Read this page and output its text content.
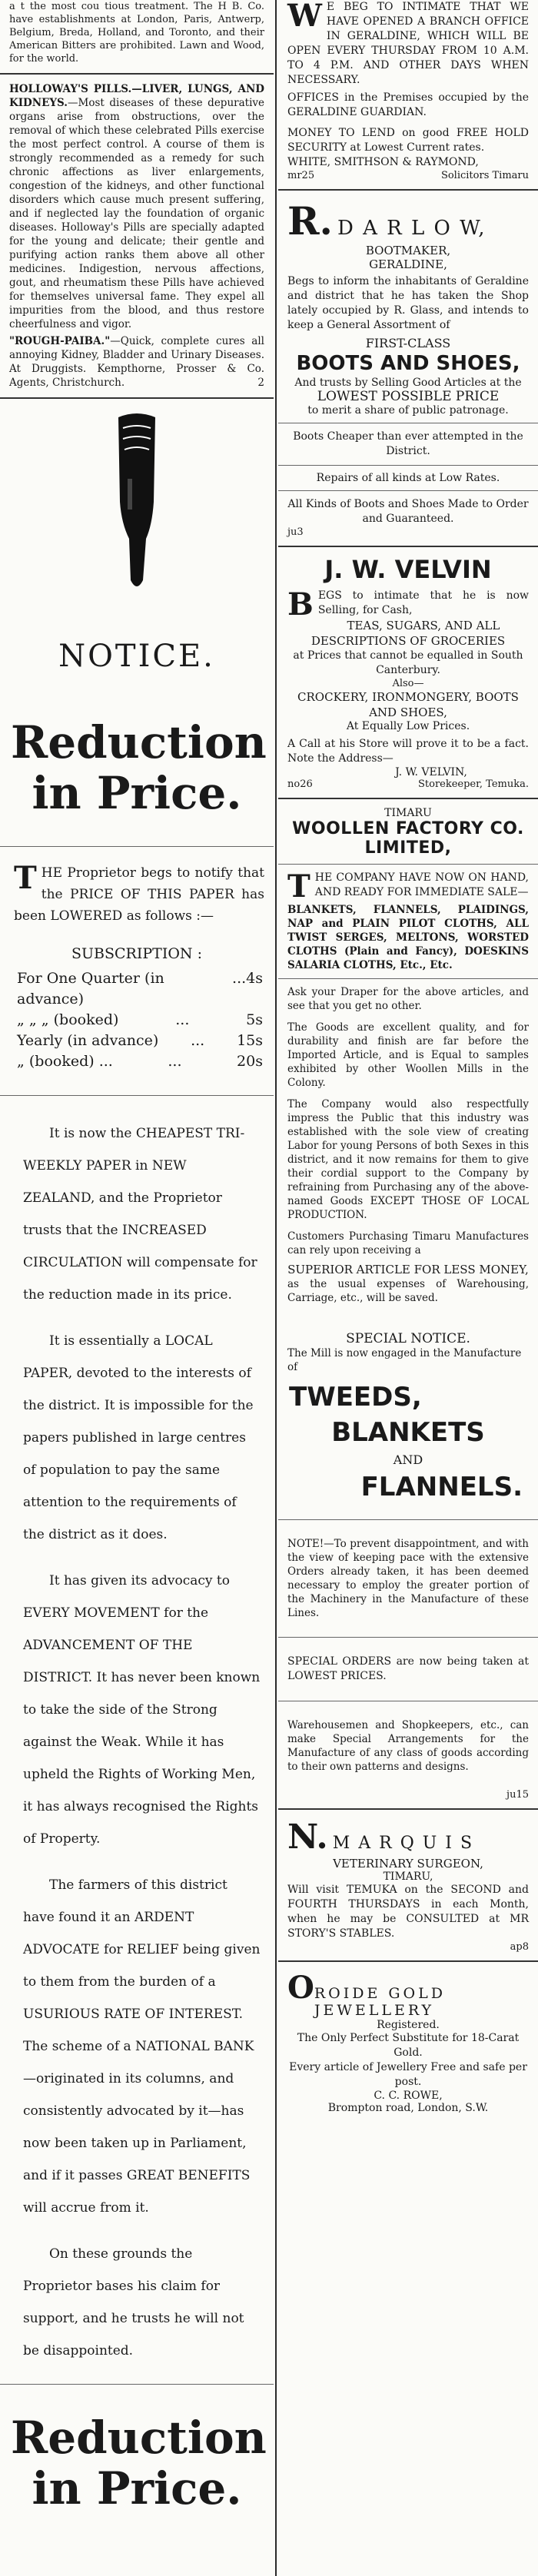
a t the most cou tious treatment. The H B. Co. have establishments at London, Paris, Antwerp, Belgium, Breda, Holland, and Toronto, and their American Bitters are prohibited. Lawn and Wood, for the world.
HOLLOWAY'S PILLS.—LIVER, LUNGS, AND KIDNEYS.—Most diseases of these depurative organs arise from obstructions, over the removal of which these celebrated Pills exercise the most perfect control. A course of them is strongly recommended as a remedy for such chronic affections as liver enlargements, congestion of the kidneys, and other functional disorders which cause much present suffering, and if neglected lay the foundation of organic diseases. Holloway's Pills are specially adapted for the young and delicate; their gentle and purifying action ranks them above all other medicines. Indigestion, nervous affections, gout, and rheumatism these Pills have achieved for themselves universal fame. They expel all impurities from the blood, and thus restore cheerfulness and vigor.
"ROUGH-PAIBA."—Quick, complete cures all annoying Kidney, Bladder and Urinary Diseases. At Druggists. Kempthorne, Prosser & Co. Agents, Christchurch.	2
NOTICE.
Reduction in Price.
THE Proprietor begs to notify that the PRICE OF THIS PAPER has been LOWERED as follows :—
SUBSCRIPTION :
For One Quarter (in advance)
... 4s
„ „ „ (booked)	...	5s
Yearly (in advance) ... 15s
„ (booked) ...	...	20s

It is now the CHEAPEST TRI-WEEKLY PAPER in NEW ZEALAND, and the Proprietor trusts that the INCREASED CIRCULATION will compensate for the reduction made in its price.

It is essentially a LOCAL PAPER, devoted to the interests of the district. It is impossible for the papers published in large centres of population to pay the same attention to the requirements of the district as it does.

It has given its advocacy to EVERY MOVEMENT for the ADVANCEMENT OF THE DISTRICT. It has never been known to take the side of the Strong against the Weak. While it has upheld the Rights of Working Men, it has always recognised the Rights of Property.

The farmers of this district have found it an ARDENT ADVOCATE for RELIEF being given to them from the burden of a USURIOUS RATE OF INTEREST. The scheme of a NATIONAL BANK—originated in its columns, and consistently advocated by it—has now been taken up in Parliament, and if it passes GREAT BENEFITS will accrue from it.

On these grounds the Proprietor bases his claim for support, and he trusts he will not be disappointed.

Reduction in Price.
W E BEG TO INTIMATE THAT WE HAVE OPENED A BRANCH OFFICE IN GERALDINE, WHICH WILL BE OPEN EVERY THURSDAY FROM 10 A.M. TO 4 P.M. AND OTHER DAYS WHEN NECESSARY.
OFFICES in the Premises occupied by the GERALDINE GUARDIAN.
MONEY TO LEND on good FREE HOLD SECURITY at Lowest Current rates.
WHITE, SMITHSON & RAYMOND,
mr25	Solicitors Timaru
R. D A R L O W,
BOOTMAKER,
GERALDINE,
Begs to inform the inhabitants of Geraldine and district that he has taken the Shop lately occupied by R. Glass, and intends to keep a General Assortment of
FIRST-CLASS
BOOTS AND SHOES,
And trusts by Selling Good Articles at the
LOWEST POSSIBLE PRICE
to merit a share of public patronage.
Boots Cheaper than ever attempted in the District.
Repairs of all kinds at Low Rates.
All Kinds of Boots and Shoes Made to Order and Guaranteed.
ju3
J. W. VELVIN
BEGS to intimate that he is now Selling, for Cash,
TEAS, SUGARS, AND ALL DESCRIPTIONS OF GROCERIES
at Prices that cannot be equalled in South Canterbury.
Also—
CROCKERY, IRONMONGERY, BOOTS AND SHOES,
At Equally Low Prices.
A Call at his Store will prove it to be a fact. Note the Address—
J. W. VELVIN,
no26	Storekeeper, Temuka.
TIMARU
WOOLLEN FACTORY CO. LIMITED,
THE COMPANY HAVE NOW ON HAND, AND READY FOR IMMEDIATE SALE—
BLANKETS, FLANNELS, PLAIDINGS, NAP and PLAIN PILOT CLOTHS, ALL TWIST SERGES, MELTONS, WORSTED CLOTHS (Plain and Fancy), DOESKINS SALARIA CLOTHS, Etc., Etc.
Ask your Draper for the above articles, and see that you get no other.
The Goods are excellent quality, and for durability and finish are far before the Imported Article, and is Equal to samples exhibited by other Woollen Mills in the Colony.
The Company would also respectfully impress the Public that this industry was established with the sole view of creating Labor for young Persons of both Sexes in this district, and it now remains for them to give their cordial support to the Company by refraining from Purchasing any of the above-named Goods EXCEPT THOSE OF LOCAL PRODUCTION.
Customers Purchasing Timaru Manufactures can rely upon receiving a
SUPERIOR ARTICLE FOR LESS MONEY,
as the usual expenses of Warehousing, Carriage, etc., will be saved.
SPECIAL NOTICE.
The Mill is now engaged in the Manufacture of
TWEEDS,
BLANKETS
AND
FLANNELS.
NOTE!—To prevent disappointment, and with the view of keeping pace with the extensive Orders already taken, it has been deemed necessary to employ the greater portion of the Machinery in the Manufacture of these Lines.
SPECIAL ORDERS are now being taken at LOWEST PRICES.
Warehousemen and Shopkeepers, etc., can make Special Arrangements for the Manufacture of any class of goods according to their own patterns and designs.
ju15
N. M A R Q U I S
VETERINARY SURGEON,
TIMARU,
Will visit TEMUKA on the SECOND and FOURTH THURSDAYS in each Month, when he may be CONSULTED at MR STORY'S STABLES.
ap8
O ROIDE GOLD JEWELLERY
Registered.
The Only Perfect Substitute for 18-Carat Gold.
Every article of Jewellery Free and safe per post.
C. C. ROWE,
Brompton road, London, S.W.
